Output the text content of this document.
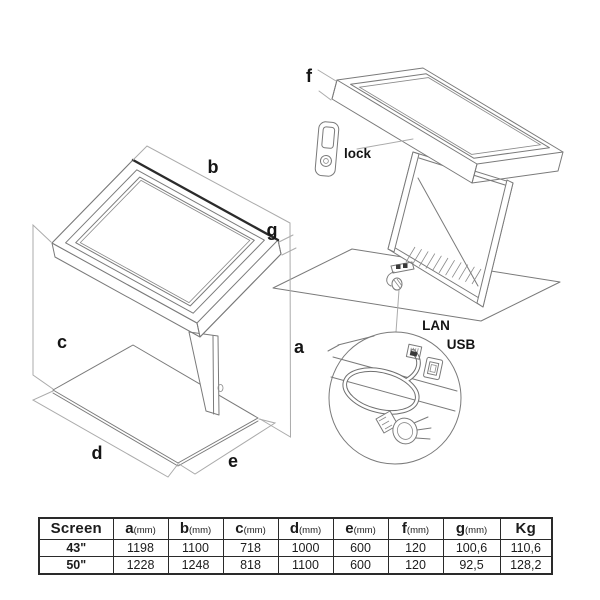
f
lock
LAN
USB
b
g
a
c
d	e
Screen	a(mm)	b(mm)	c(mm)	d(mm)	e(mm)	f(mm)	g(mm)	Kg
43"	1198	1100	718	1000	600	120	100,6	110,6
50"	1228	1248	818	1100	600	120	92,5	128,2
